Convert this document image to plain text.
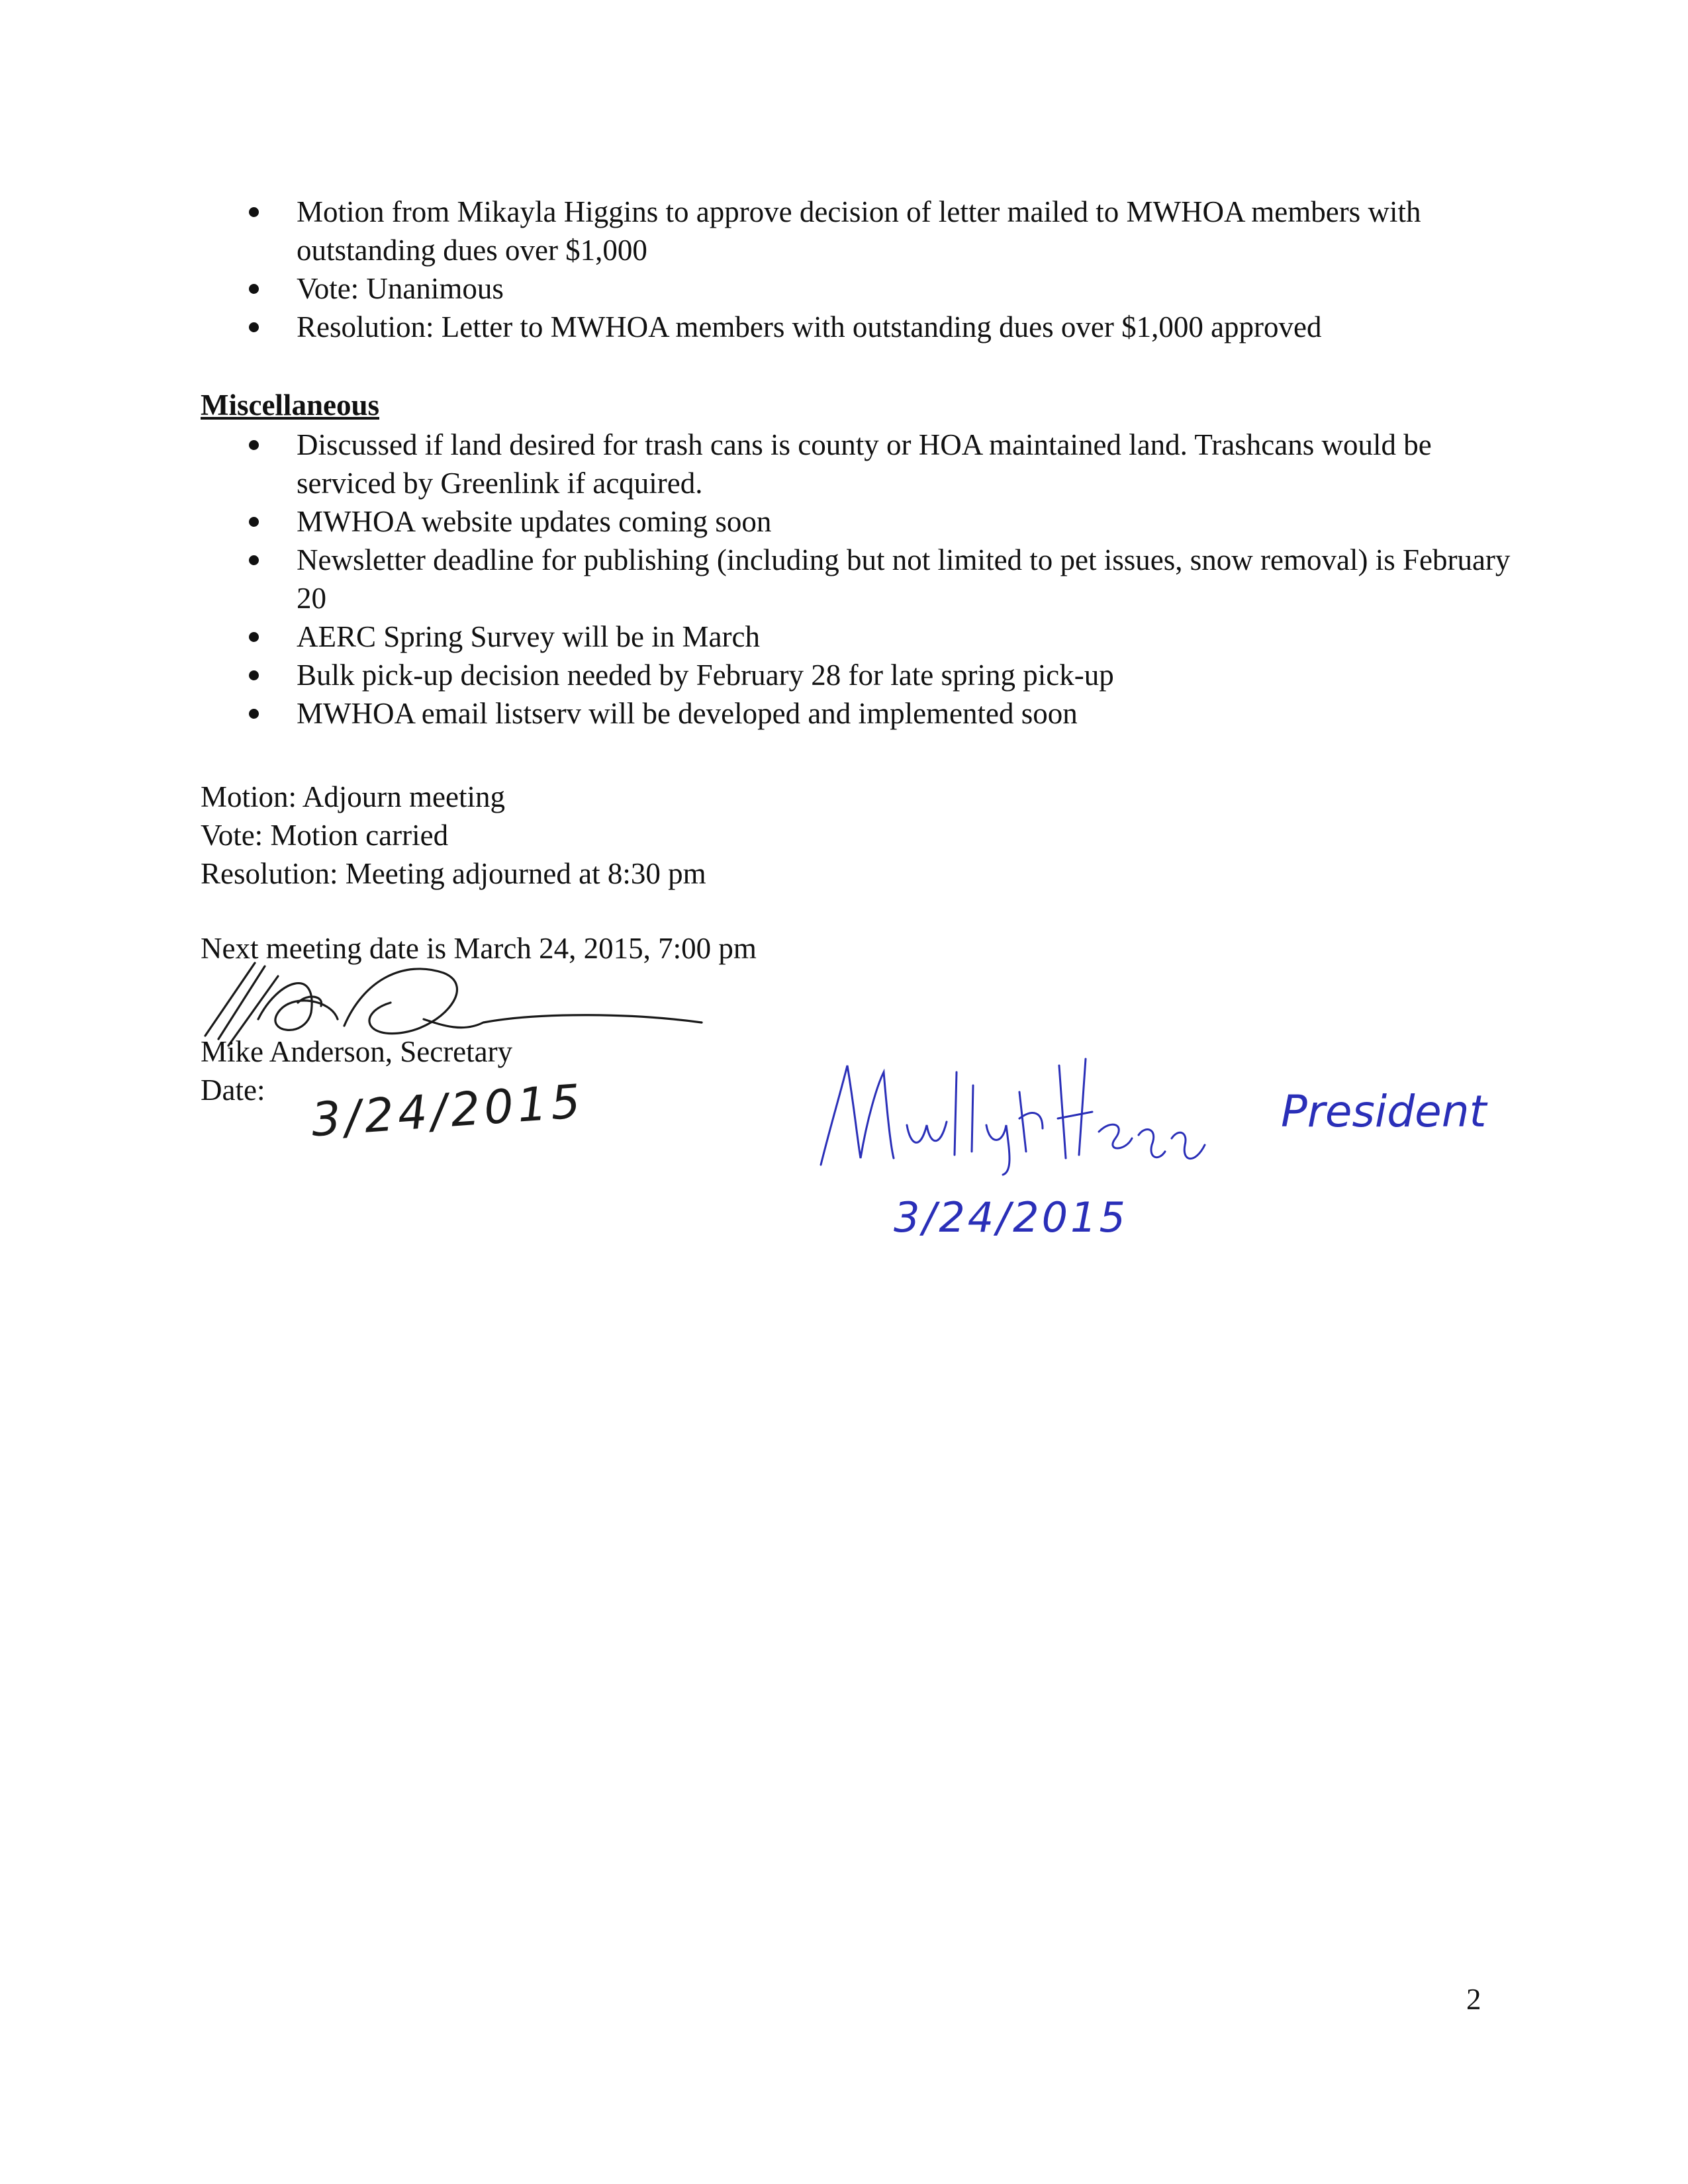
Motion from Mikayla Higgins to approve decision of letter mailed to MWHOA members with outstanding dues over $1,000
Vote: Unanimous
Resolution: Letter to MWHOA members with outstanding dues over $1,000 approved
Miscellaneous
Discussed if land desired for trash cans is county or HOA maintained land. Trashcans would be serviced by Greenlink if acquired.
MWHOA website updates coming soon
Newsletter deadline for publishing (including but not limited to pet issues, snow removal) is February 20
AERC Spring Survey will be in March
Bulk pick-up decision needed by February 28 for late spring pick-up
MWHOA email listserv will be developed and implemented soon
Motion: Adjourn meeting
Vote: Motion carried
Resolution: Meeting adjourned at 8:30 pm
Next meeting date is March 24, 2015, 7:00 pm
Mike Anderson, Secretary
Date: 3/24/2015	President
3/24/2015
2
